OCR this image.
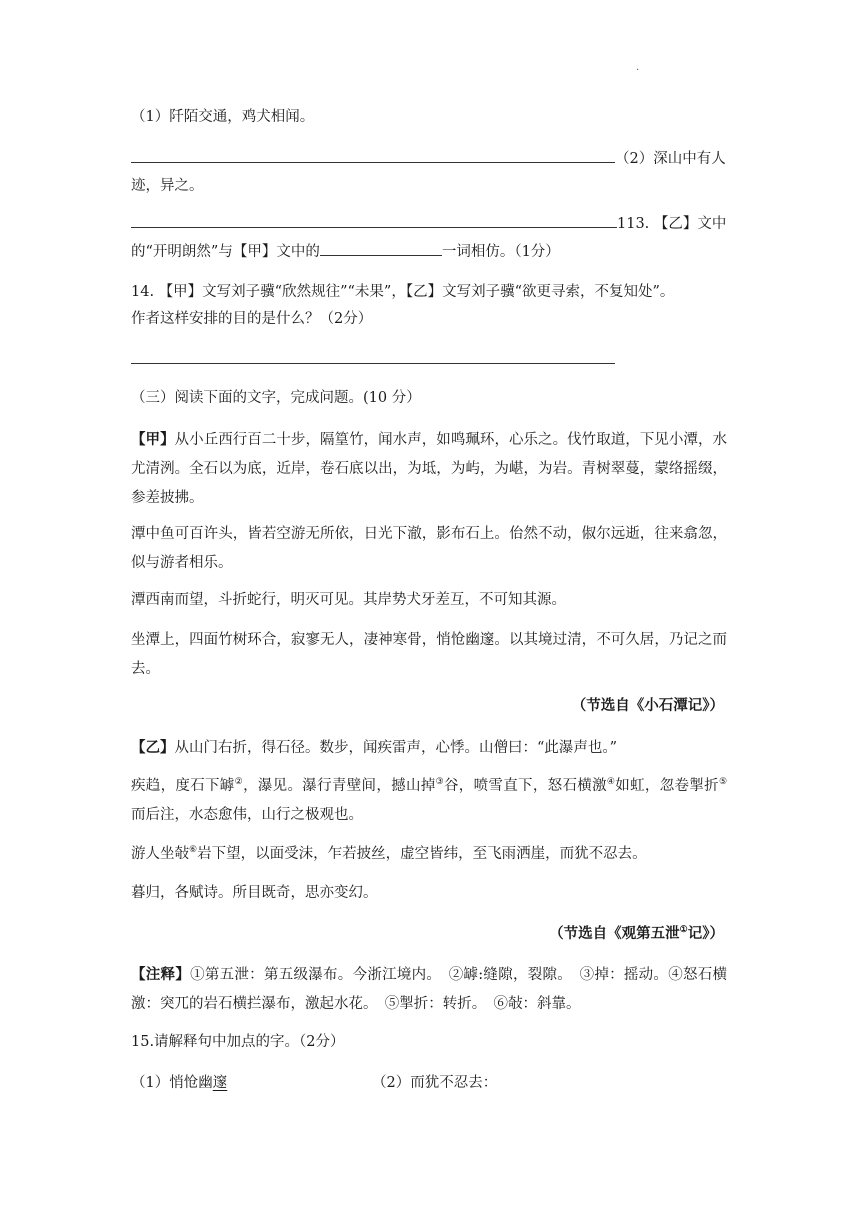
.
（1）阡陌交通，鸡犬相闻。
（2）深山中有人
迹，异之。
113. 【乙】文中
的“开明朗然”与【甲】文中的	一词相仿。（1分）
14. 【甲】文写刘子骥“欣然规往”“未果”，【乙】文写刘子骥“欲更寻索，不复知处”。
作者这样安排的目的是什么？（2分）
（三）阅读下面的文字，完成问题。(10 分）
【甲】从小丘西行百二十步，隔篁竹，闻水声，如鸣珮环，心乐之。伐竹取道，下见小潭，水尤清洌。全石以为底，近岸，卷石底以出，为坻，为屿，为嵁，为岩。青树翠蔓，蒙络摇缀，参差披拂。
潭中鱼可百许头，皆若空游无所依，日光下澈，影布石上。佁然不动，俶尔远逝，往来翕忽，似与游者相乐。
潭西南而望，斗折蛇行，明灭可见。其岸势犬牙差互，不可知其源。
坐潭上，四面竹树环合，寂寥无人，凄神寒骨，悄怆幽邃。以其境过清，不可久居，乃记之而去。
（节选自《小石潭记》）
【乙】从山门右折，得石径。数步，闻疾雷声，心悸。山僧曰：“此瀑声也。”
疾趋，度石下罅②，瀑见。瀑行青壁间，撼山掉③谷，喷雪直下，怒石横激④如虹，忽卷掣折⑤而后注，水态愈伟，山行之极观也。
游人坐敧⑥岩下望，以面受沫，乍若披丝，虚空皆纬，至飞雨洒崖，而犹不忍去。
暮归，各赋诗。所目既奇，思亦变幻。
（节选自《观第五泄①记》）
【注释】①第五泄：第五级瀑布。今浙江境内。　②罅:缝隙，裂隙。　③掉：摇动。④怒石横激：突兀的岩石横拦瀑布，激起水花。　⑤掣折：转折。　⑥敧：斜靠。
15.请解释句中加点的字。（2分）
（1）悄怆幽邃	（2）而犹不忍去：
